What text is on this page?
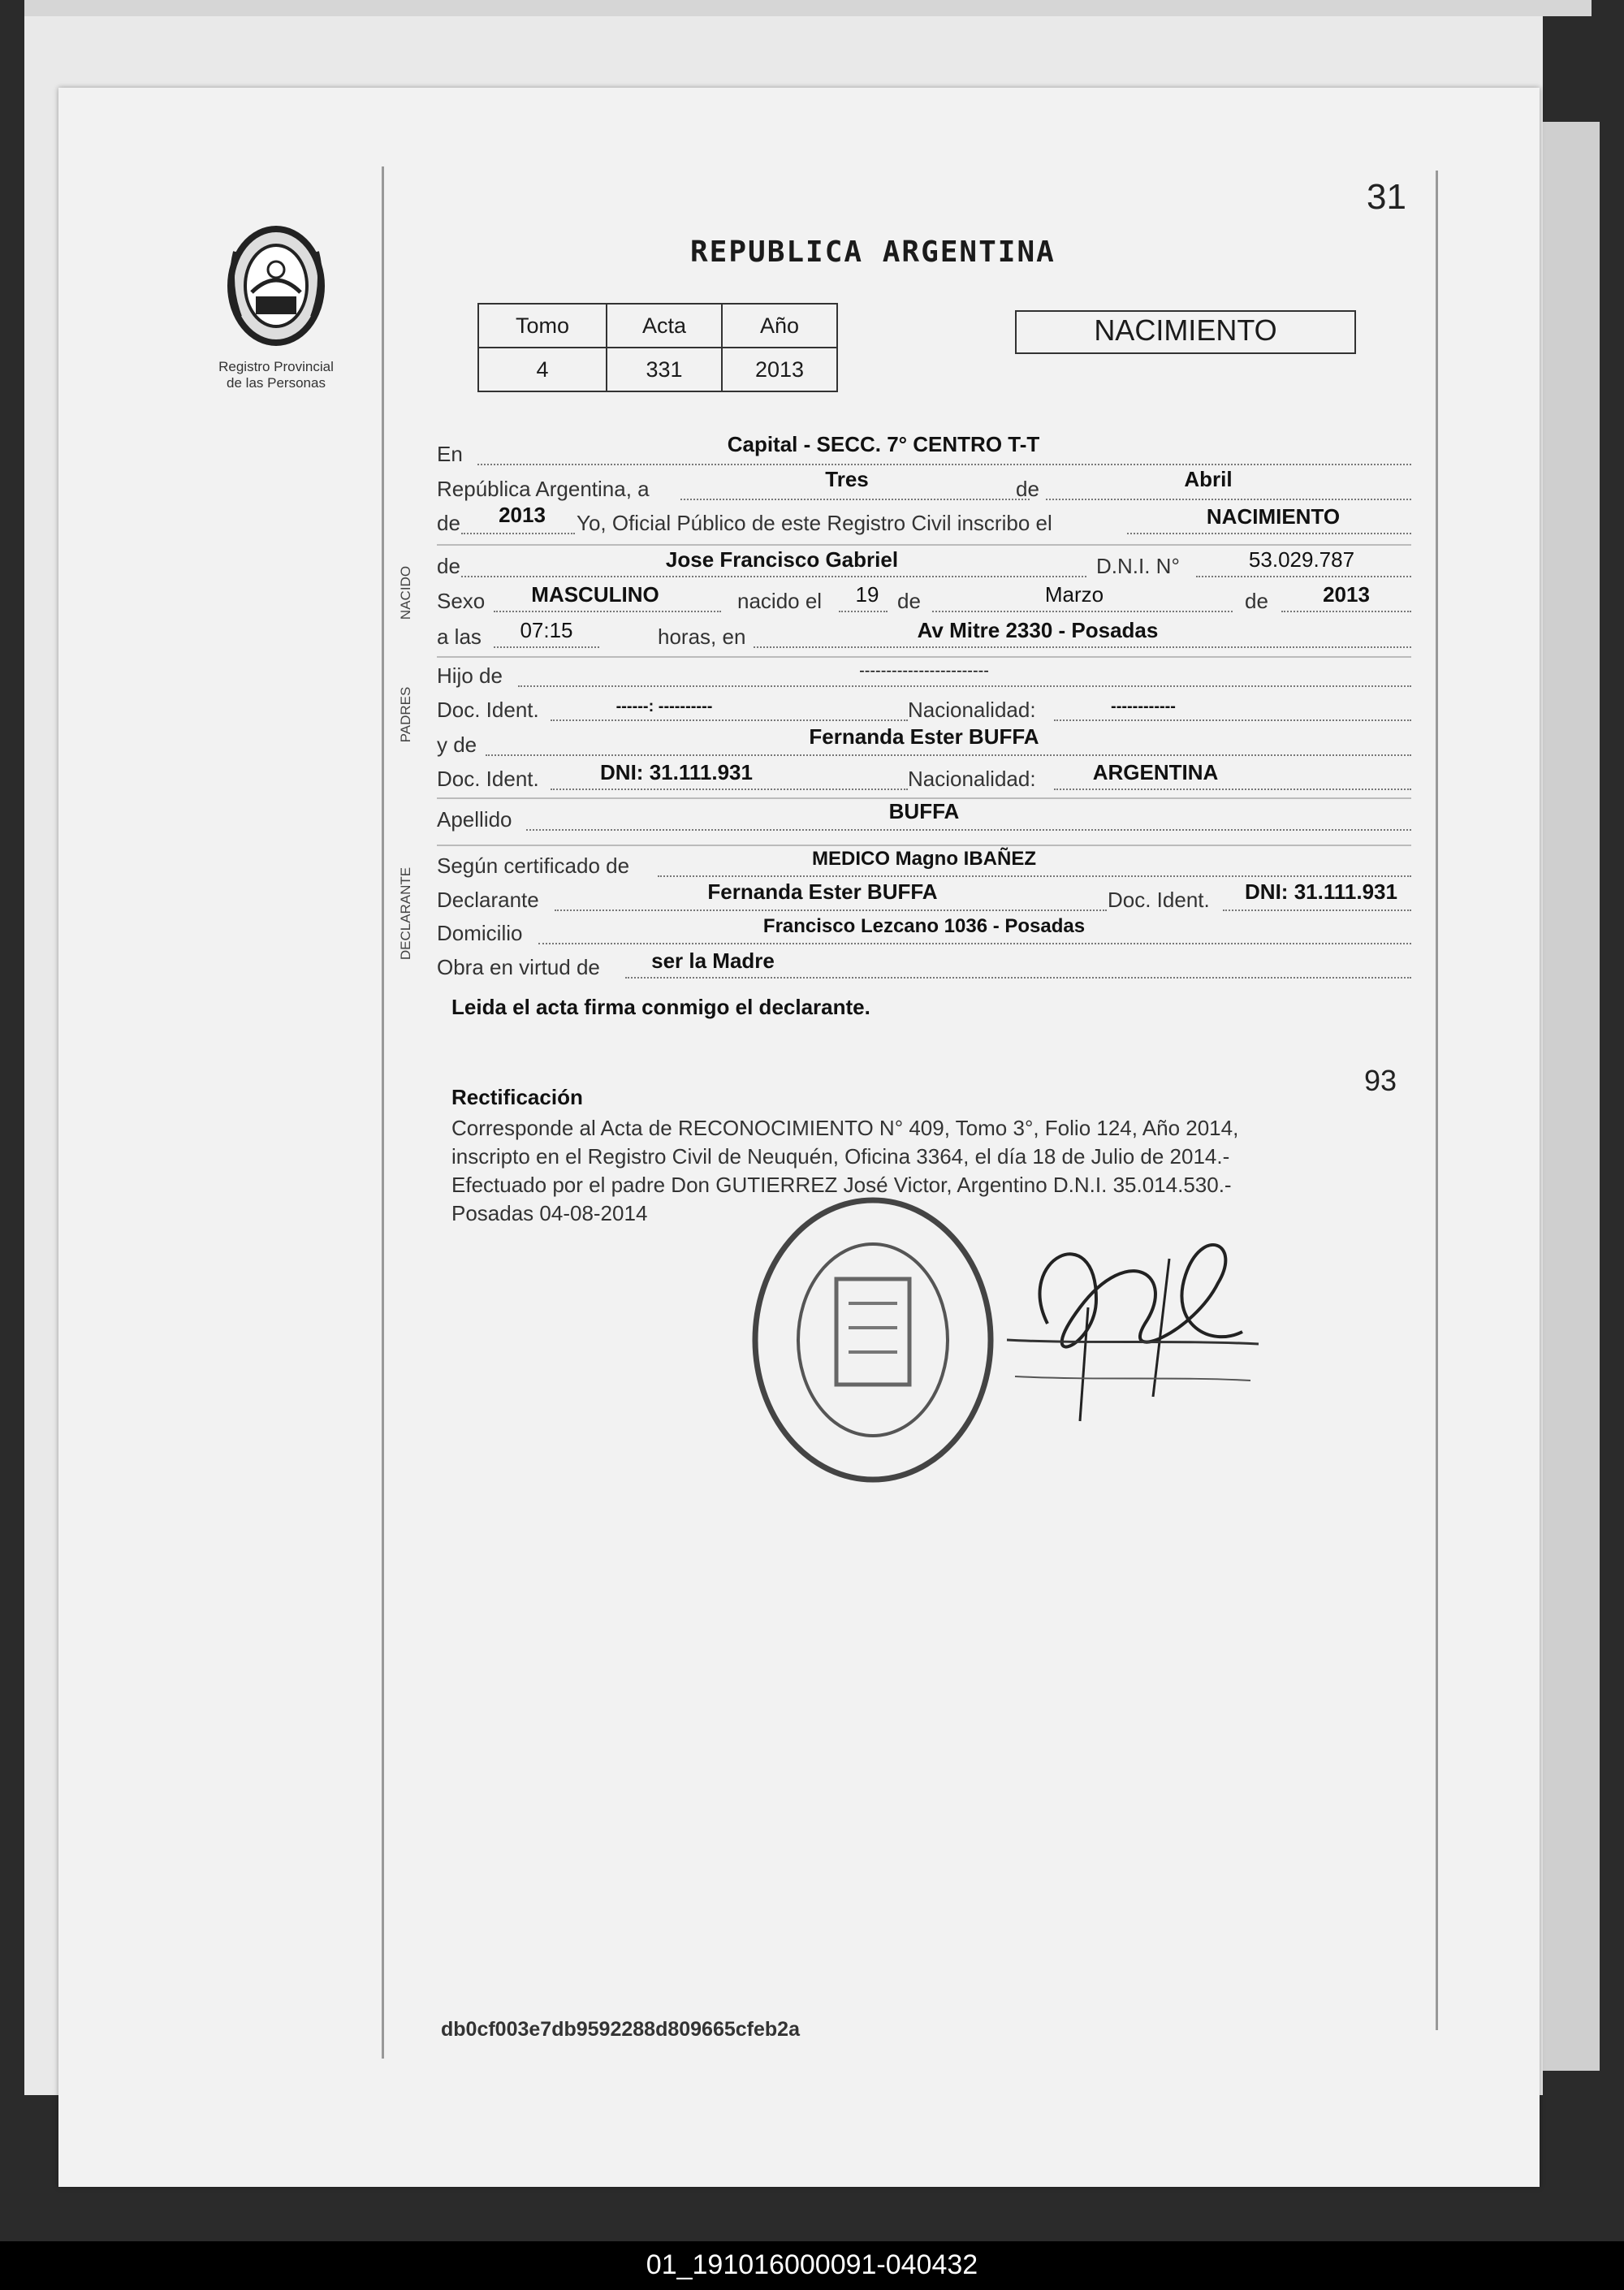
Registro Provincial
de las Personas
31
REPUBLICA ARGENTINA
Tomo	Acta	Año
4	331	2013
NACIMIENTO
En	Capital - SECC. 7° CENTRO T-T
República Argentina, a	Tres	de	Abril
de	2013	Yo, Oficial Público de este Registro Civil inscribo el	NACIMIENTO
NACIDO de	Jose Francisco Gabriel	D.N.I. N°	53.029.787
Sexo	MASCULINO	nacido el	19 de	Marzo	de	2013
a las	07:15	horas, en	Av Mitre 2330 - Posadas
PADRES
Hijo de	------------------------
Doc. Ident.	------: ----------	Nacionalidad:	------------
y de	Fernanda Ester BUFFA
Doc. Ident.	DNI: 31.111.931	Nacionalidad:	ARGENTINA
Apellido	BUFFA
DECLARANTE
Según certificado de	MEDICO Magno IBAÑEZ
Declarante	Fernanda Ester BUFFA	Doc. Ident.	DNI: 31.111.931
Domicilio	Francisco Lezcano 1036 - Posadas
Obra en virtud de	ser la Madre
Leida el acta firma conmigo el declarante.
93
Rectificación
Corresponde al Acta de RECONOCIMIENTO N° 409, Tomo 3°, Folio 124, Año 2014,
inscripto en el Registro Civil de Neuquén, Oficina 3364, el día 18 de Julio de 2014.-
Efectuado por el padre Don GUTIERREZ José Victor, Argentino D.N.I. 35.014.530.-
Posadas 04-08-2014
db0cf003e7db9592288d809665cfeb2a
01_191016000091-040432
